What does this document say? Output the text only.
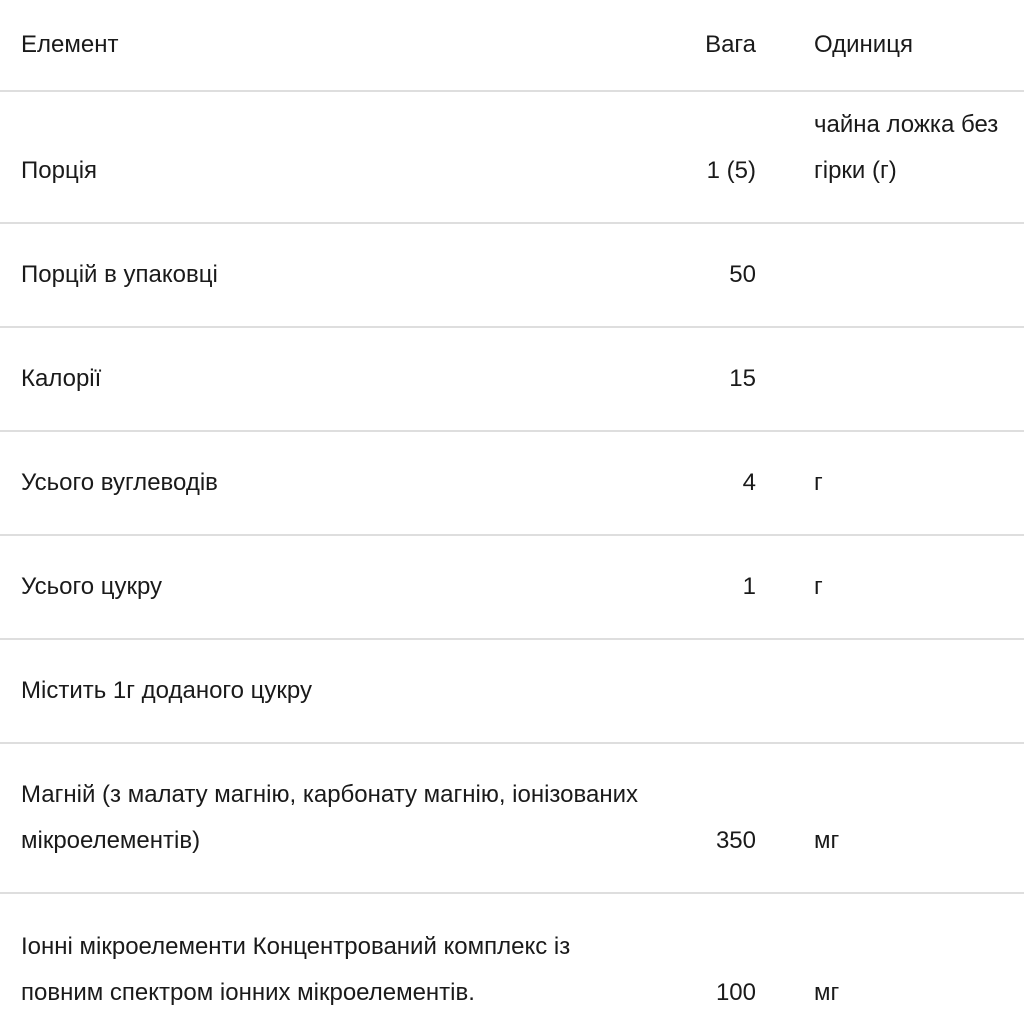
Елемент	Вага	Одиниця
Порція	1 (5)	чайна ложка без гірки (г)
Порцій в упаковці	50	
Калорії	15	
Усього вуглеводів	4	г
Усього цукру	1	г
Містить 1г доданого цукру		
Магній (з малату магнію, карбонату магнію, іонізованих мікроелементів)	350	мг
Іонні мікроелементи Концентрований комплекс із повним спектром іонних мікроелементів.	100	мг
